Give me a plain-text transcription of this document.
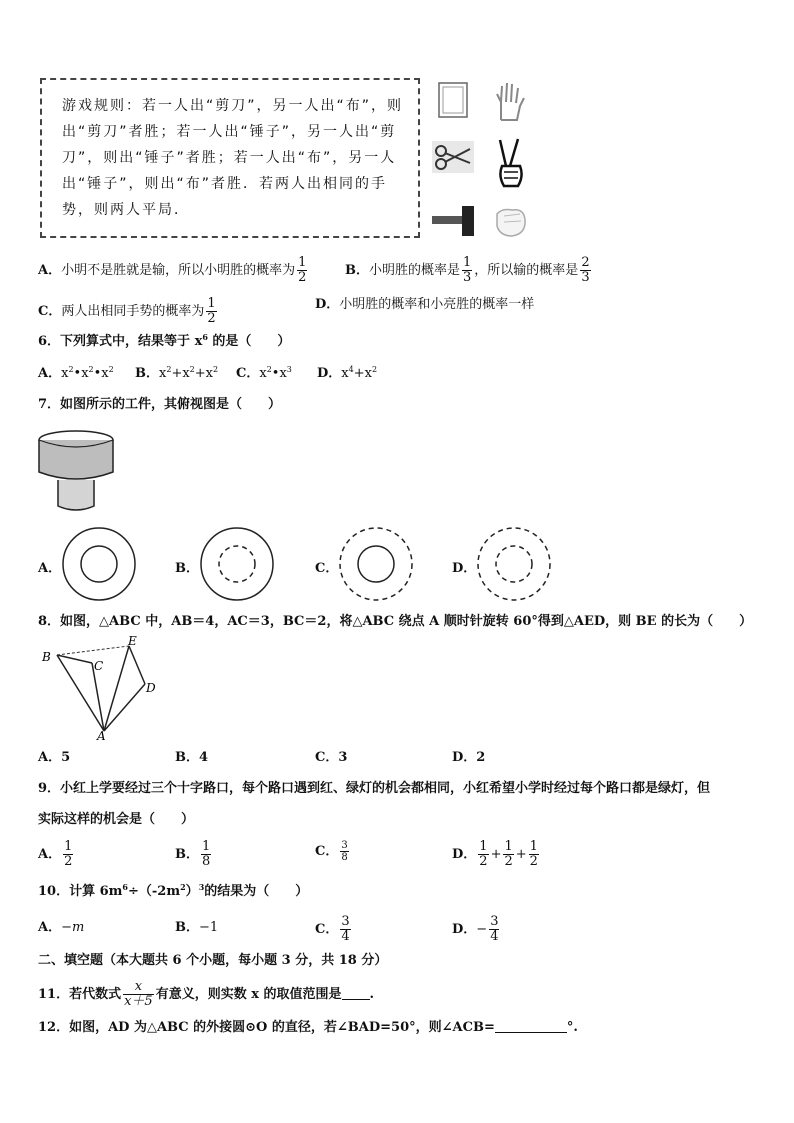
游戏规则：若一人出“剪刀”，另一人出“布”，则出“剪刀”者胜；若一人出“锤子”，另一人出“剪刀”，则出“锤子”者胜；若一人出“布”，另一人出“锤子”，则出“布”者胜．若两人出相同的手势，则两人平局．
A．小明不是胜就是输，所以小明胜的概率为 $\frac{1}{2}$	B．小明胜的概率是 $\frac{1}{3}$ ，所以输的概率是 $\frac{2}{3}$
C．两人出相同手势的概率为 $\frac{1}{2}$	D．小明胜的概率和小亮胜的概率一样
6．下列算式中，结果等于 $x^6$ 的是（　　）
A．$x^2•x^2•x^2$ B．$x^2+x^2+x^2$ C．$x^2•x^3$ D．$x^4+x^2$
7．如图所示的工件，其俯视图是（　　）
A．	B．	C．	D．
8．如图，△ABC 中，AB＝4，AC＝3，BC＝2，将△ABC 绕点 A 顺时针旋转 60°得到△AED，则 BE 的长为（　　）
B
C
E
D
A
A．5	B．4	C．3	D．2
9．小红上学要经过三个十字路口，每个路口遇到红、绿灯的机会都相同，小红希望小学时经过每个路口都是绿灯，但
实际这样的机会是（　　）
A． $\frac{1}{2}$	B． $\frac{1}{8}$	C． $\frac{3}{8}$	D． $\frac{1}{2} + \frac{1}{2} + \frac{1}{2}$
10．计算 $6m^6\div(-2m^2)^3$的结果为（　　）
A．−m	B．−1	C． $\frac{3}{4}$	D．− $\frac{3}{4}$
二、填空题（本大题共 6 个小题，每小题 3 分，共 18 分）
11．若代数式 $\frac{x}{x+5}$ 有意义，则实数 x 的取值范围是 .
12．如图，AD 为△ABC 的外接圆⊙O 的直径，若∠BAD=50°，则∠ACB=	°.
